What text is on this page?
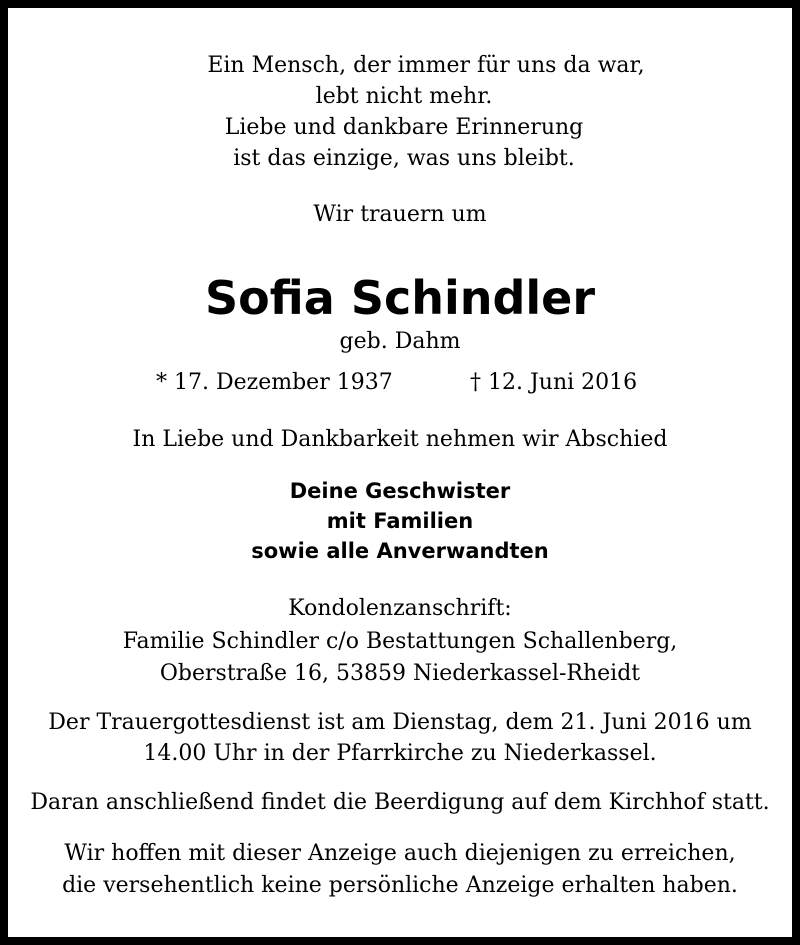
Ein Mensch, der immer für uns da war,
lebt nicht mehr.
Liebe und dankbare Erinnerung
ist das einzige, was uns bleibt.
Wir trauern um
Sofia Schindler
geb. Dahm
* 17. Dezember 1937	† 12. Juni 2016
In Liebe und Dankbarkeit nehmen wir Abschied
Deine Geschwister
mit Familien
sowie alle Anverwandten
Kondolenzanschrift:
Familie Schindler c/o Bestattungen Schallenberg,
Oberstraße 16, 53859 Niederkassel-Rheidt
Der Trauergottesdienst ist am Dienstag, dem 21. Juni 2016 um
14.00 Uhr in der Pfarrkirche zu Niederkassel.
Daran anschließend findet die Beerdigung auf dem Kirchhof statt.
Wir hoffen mit dieser Anzeige auch diejenigen zu erreichen,
die versehentlich keine persönliche Anzeige erhalten haben.
